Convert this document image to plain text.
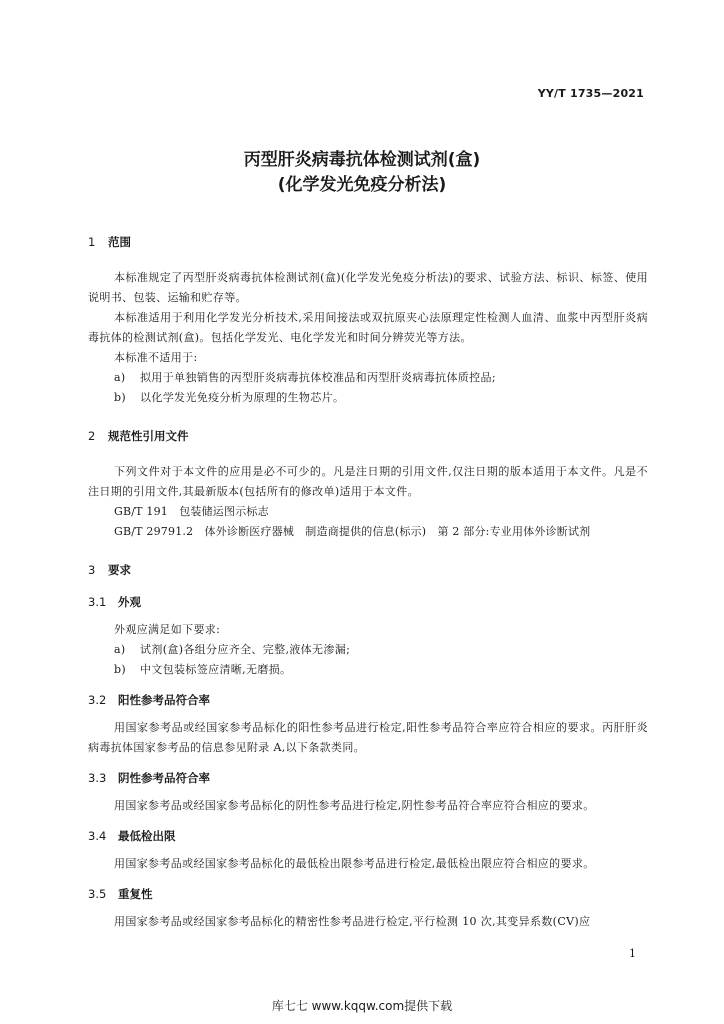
YY/T 1735—2021
丙型肝炎病毒抗体检测试剂(盒)
(化学发光免疫分析法)
1 范围

本标准规定了丙型肝炎病毒抗体检测试剂(盒)(化学发光免疫分析法)的要求、试验方法、标识、标签、使用说明书、包装、运输和贮存等。

本标准适用于利用化学发光分析技术,采用间接法或双抗原夹心法原理定性检测人血清、血浆中丙型肝炎病毒抗体的检测试剂(盒)。包括化学发光、电化学发光和时间分辨荧光等方法。

本标准不适用于:

a) 拟用于单独销售的丙型肝炎病毒抗体校准品和丙型肝炎病毒抗体质控品;

b) 以化学发光免疫分析为原理的生物芯片。

2 规范性引用文件

下列文件对于本文件的应用是必不可少的。凡是注日期的引用文件,仅注日期的版本适用于本文件。凡是不注日期的引用文件,其最新版本(包括所有的修改单)适用于本文件。

GB/T 191　包装储运图示标志

GB/T 29791.2　体外诊断医疗器械　制造商提供的信息(标示)　第 2 部分:专业用体外诊断试剂

3 要求
3.1 外观

外观应满足如下要求:

a) 试剂(盒)各组分应齐全、完整,液体无渗漏;

b) 中文包装标签应清晰,无磨损。

3.2 阳性参考品符合率

用国家参考品或经国家参考品标化的阳性参考品进行检定,阳性参考品符合率应符合相应的要求。丙肝肝炎病毒抗体国家参考品的信息参见附录 A,以下条款类同。

3.3 阴性参考品符合率

用国家参考品或经国家参考品标化的阴性参考品进行检定,阴性参考品符合率应符合相应的要求。

3.4 最低检出限

用国家参考品或经国家参考品标化的最低检出限参考品进行检定,最低检出限应符合相应的要求。

3.5 重复性

用国家参考品或经国家参考品标化的精密性参考品进行检定,平行检测 10 次,其变异系数(CV)应

1
库七七 www.kqqw.com提供下载
